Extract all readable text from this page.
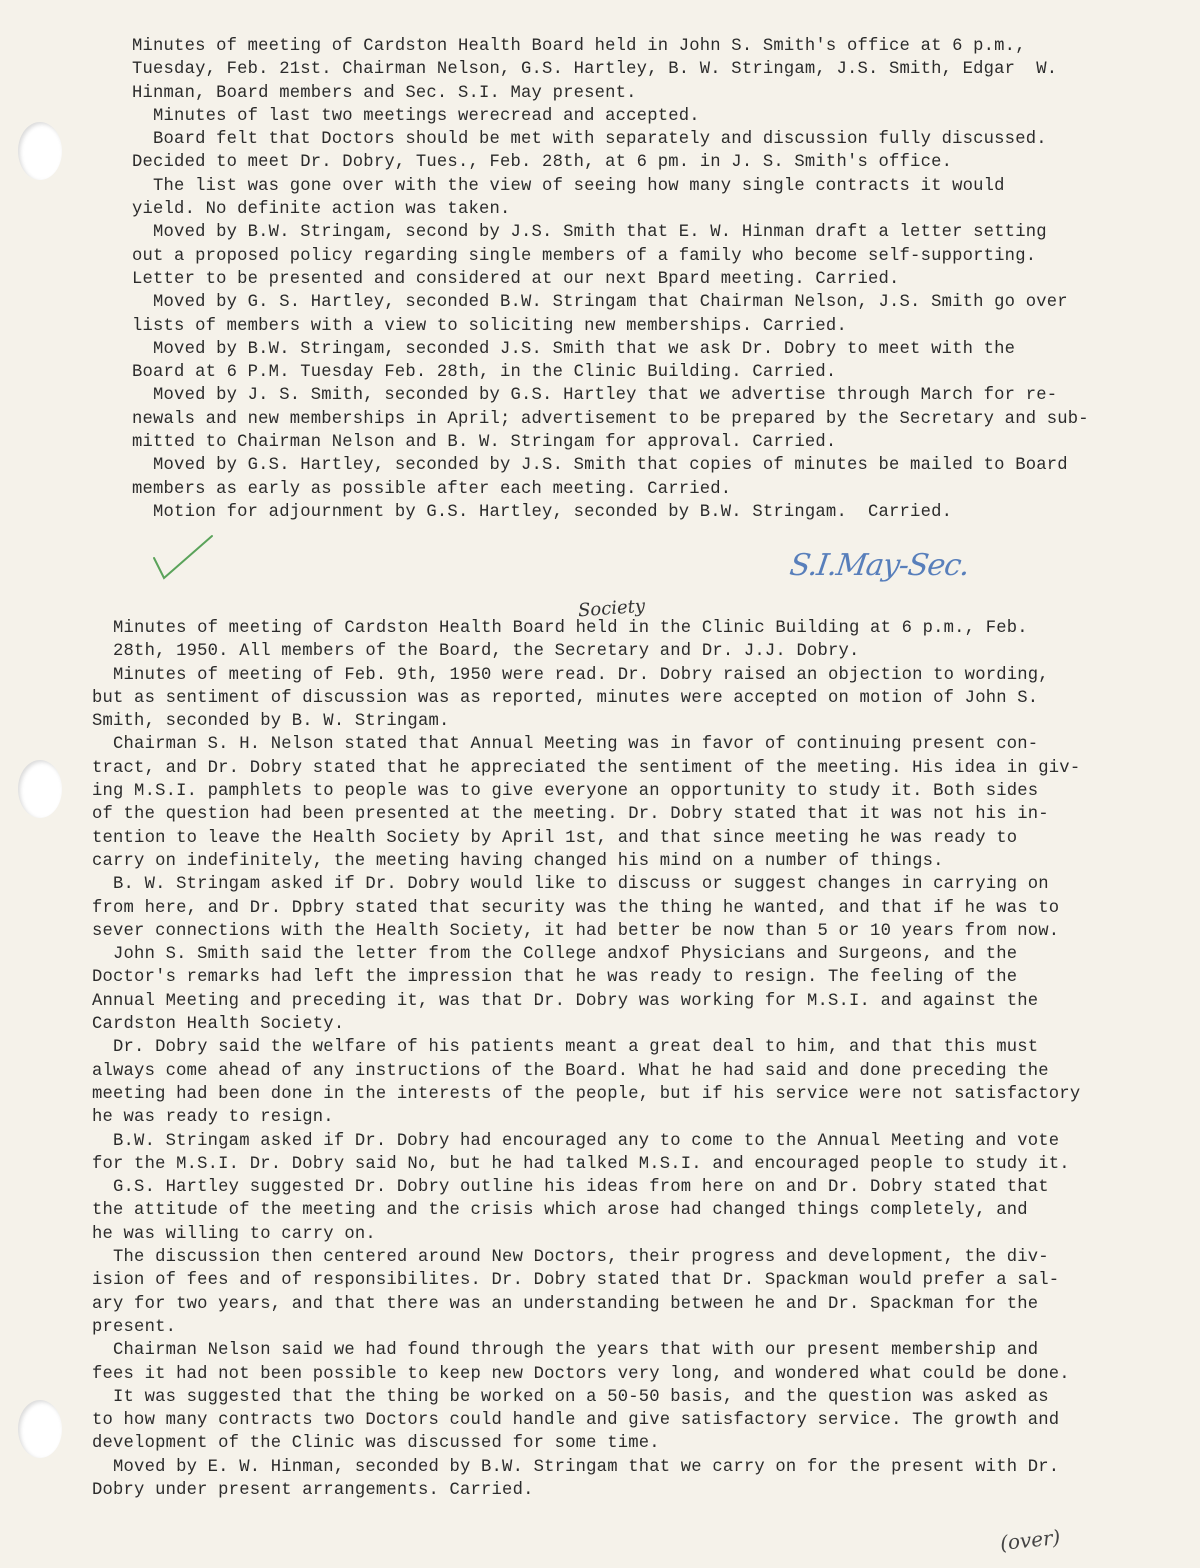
Minutes of meeting of Cardston Health Board held in John S. Smith's office at 6 p.m.,
Tuesday, Feb. 21st. Chairman Nelson, G.S. Hartley, B. W. Stringam, J.S. Smith, Edgar  W.
Hinman, Board members and Sec. S.I. May present.
Minutes of last two meetings werecread and accepted.
Board felt that Doctors should be met with separately and discussion fully discussed.
Decided to meet Dr. Dobry, Tues., Feb. 28th, at 6 pm. in J. S. Smith's office.
The list was gone over with the view of seeing how many single contracts it would
yield. No definite action was taken.
Moved by B.W. Stringam, second by J.S. Smith that E. W. Hinman draft a letter setting
out a proposed policy regarding single members of a family who become self-supporting.
Letter to be presented and considered at our next Bpard meeting. Carried.
Moved by G. S. Hartley, seconded B.W. Stringam that Chairman Nelson, J.S. Smith go over
lists of members with a view to soliciting new memberships. Carried.
Moved by B.W. Stringam, seconded J.S. Smith that we ask Dr. Dobry to meet with the
Board at 6 P.M. Tuesday Feb. 28th, in the Clinic Building. Carried.
Moved by J. S. Smith, seconded by G.S. Hartley that we advertise through March for re-
newals and new memberships in April; advertisement to be prepared by the Secretary and sub-
mitted to Chairman Nelson and B. W. Stringam for approval. Carried.
Moved by G.S. Hartley, seconded by J.S. Smith that copies of minutes be mailed to Board
members as early as possible after each meeting. Carried.
Motion for adjournment by G.S. Hartley, seconded by B.W. Stringam.  Carried.
S.I.May-Sec.
Society
Minutes of meeting of Cardston Health Board held in the Clinic Building at 6 p.m., Feb.
28th, 1950. All members of the Board, the Secretary and Dr. J.J. Dobry.
Minutes of meeting of Feb. 9th, 1950 were read. Dr. Dobry raised an objection to wording,
but as sentiment of discussion was as reported, minutes were accepted on motion of John S.
Smith, seconded by B. W. Stringam.
Chairman S. H. Nelson stated that Annual Meeting was in favor of continuing present con-
tract, and Dr. Dobry stated that he appreciated the sentiment of the meeting. His idea in giv-
ing M.S.I. pamphlets to people was to give everyone an opportunity to study it. Both sides
of the question had been presented at the meeting. Dr. Dobry stated that it was not his in-
tention to leave the Health Society by April 1st, and that since meeting he was ready to
carry on indefinitely, the meeting having changed his mind on a number of things.
B. W. Stringam asked if Dr. Dobry would like to discuss or suggest changes in carrying on
from here, and Dr. Dpbry stated that security was the thing he wanted, and that if he was to
sever connections with the Health Society, it had better be now than 5 or 10 years from now.
John S. Smith said the letter from the College andxof Physicians and Surgeons, and the
Doctor's remarks had left the impression that he was ready to resign. The feeling of the
Annual Meeting and preceding it, was that Dr. Dobry was working for M.S.I. and against the
Cardston Health Society.
Dr. Dobry said the welfare of his patients meant a great deal to him, and that this must
always come ahead of any instructions of the Board. What he had said and done preceding the
meeting had been done in the interests of the people, but if his service were not satisfactory
he was ready to resign.
B.W. Stringam asked if Dr. Dobry had encouraged any to come to the Annual Meeting and vote
for the M.S.I. Dr. Dobry said No, but he had talked M.S.I. and encouraged people to study it.
G.S. Hartley suggested Dr. Dobry outline his ideas from here on and Dr. Dobry stated that
the attitude of the meeting and the crisis which arose had changed things completely, and
he was willing to carry on.
The discussion then centered around New Doctors, their progress and development, the div-
ision of fees and of responsibilites. Dr. Dobry stated that Dr. Spackman would prefer a sal-
ary for two years, and that there was an understanding between he and Dr. Spackman for the
present.
Chairman Nelson said we had found through the years that with our present membership and
fees it had not been possible to keep new Doctors very long, and wondered what could be done.
It was suggested that the thing be worked on a 50-50 basis, and the question was asked as
to how many contracts two Doctors could handle and give satisfactory service. The growth and
development of the Clinic was discussed for some time.
Moved by E. W. Hinman, seconded by B.W. Stringam that we carry on for the present with Dr.
Dobry under present arrangements. Carried.
(over)
